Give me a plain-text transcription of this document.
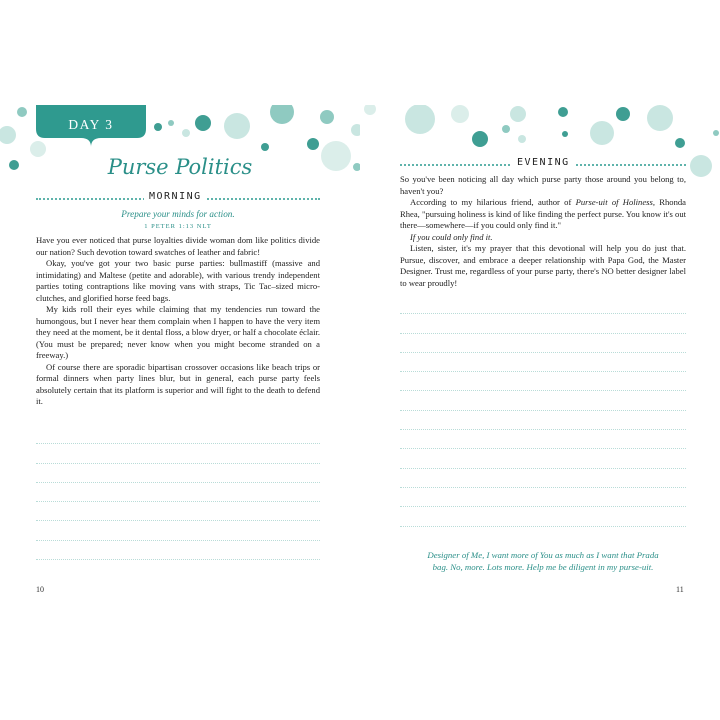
DAY 3
Purse Politics
MORNING
Prepare your minds for action.
1 PETER 1:13 NLT

Have you ever noticed that purse loyalties divide woman dom like politics divide our nation? Such devotion toward swatches of leather and fabric!

Okay, you've got your two basic purse parties: bullmastiff (massive and intimidating) and Maltese (petite and adorable), with various trendy independent parties toting contraptions like moving vans with straps, Tic Tac–sized micro-clutches, and glorified horse feed bags.

My kids roll their eyes while claiming that my tendencies run toward the humongous, but I never hear them complain when I happen to have the very item they need at the moment, be it dental floss, a blow dryer, or half a chocolate éclair. (You must be prepared; never know when you might become stranded on a freeway.)

Of course there are sporadic bipartisan crossover occasions like beach trips or formal dinners when party lines blur, but in general, each purse party feels absolutely certain that its platform is superior and will fight to the death to defend it.

EVENING

So you've been noticing all day which purse party those around you belong to, haven't you?

According to my hilarious friend, author of Purse-uit of Holiness, Rhonda Rhea, "pursuing holiness is kind of like finding the perfect purse. You know it's out there—somewhere—if you could only find it."

If you could only find it.

Listen, sister, it's my prayer that this devotional will help you do just that. Pursue, discover, and embrace a deeper relationship with Papa God, the Master Designer. Trust me, regardless of your purse party, there's NO better designer label to wear proudly!

Designer of Me, I want more of You as much as I want that Prada
bag. No, more. Lots more. Help me be diligent in my purse-uit.
10	11
